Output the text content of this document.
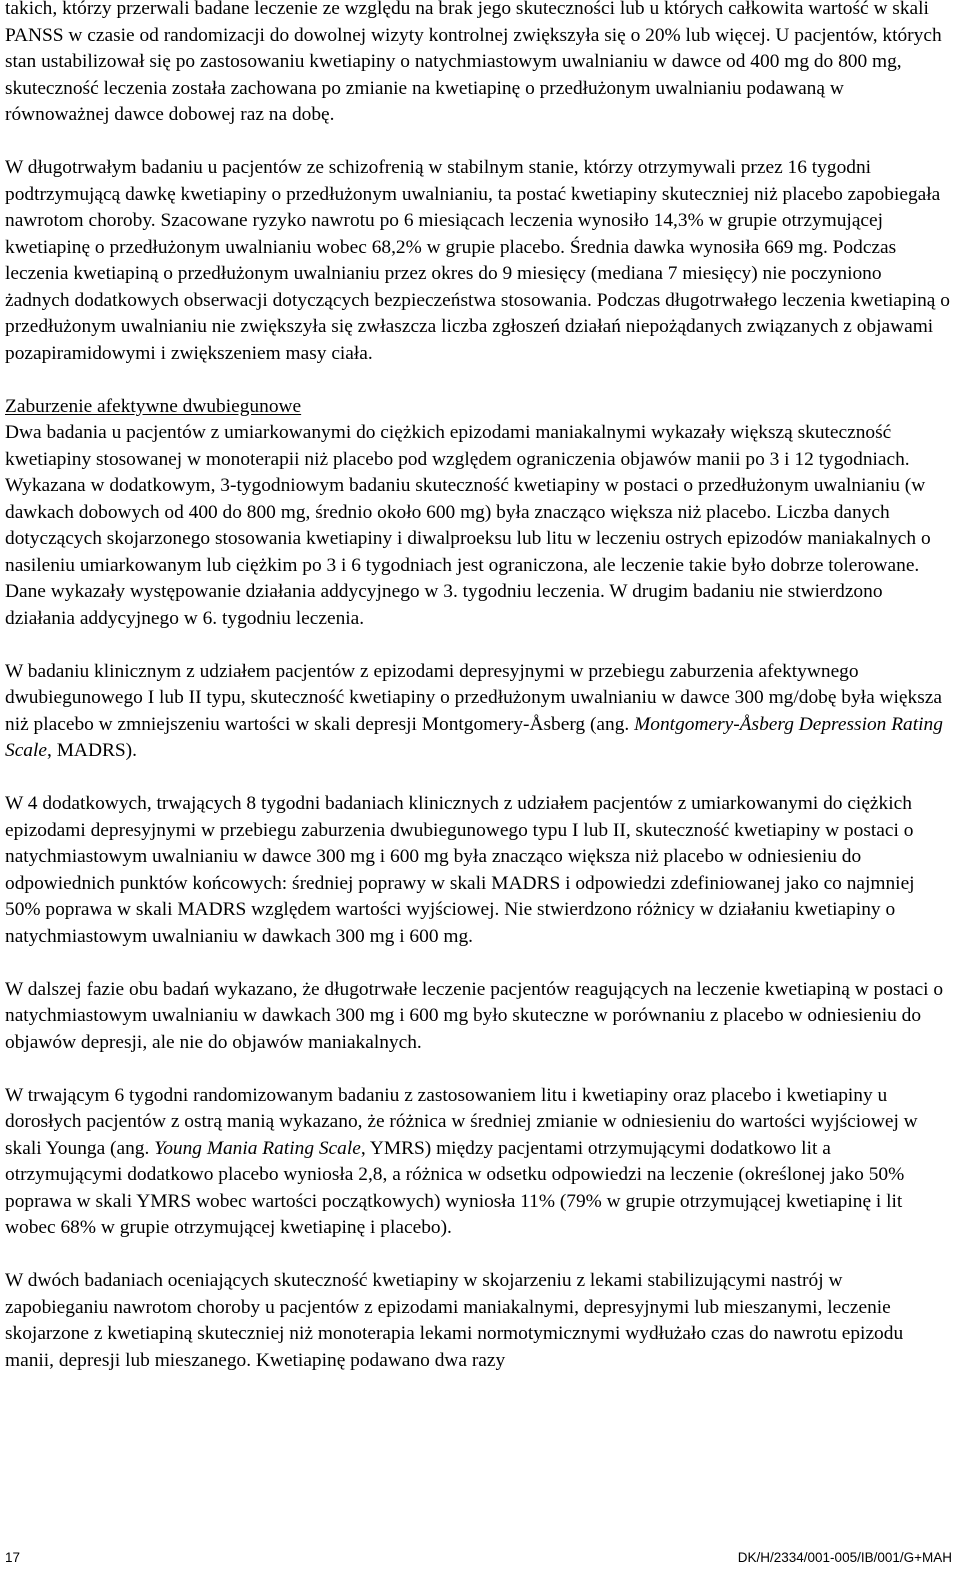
takich, którzy przerwali badane leczenie ze względu na brak jego skuteczności lub u których całkowita wartość w skali PANSS w czasie od randomizacji do dowolnej wizyty kontrolnej zwiększyła się o 20% lub więcej. U pacjentów, których stan ustabilizował się po zastosowaniu kwetiapiny o natychmiastowym uwalnianiu w dawce od 400 mg do 800 mg, skuteczność leczenia została zachowana po zmianie na kwetiapinę o przedłużonym uwalnianiu podawaną w równoważnej dawce dobowej raz na dobę.

W długotrwałym badaniu u pacjentów ze schizofrenią w stabilnym stanie, którzy otrzymywali przez 16 tygodni podtrzymującą dawkę kwetiapiny o przedłużonym uwalnianiu, ta postać kwetiapiny skuteczniej niż placebo zapobiegała nawrotom choroby. Szacowane ryzyko nawrotu po 6 miesiącach leczenia wynosiło 14,3% w grupie otrzymującej kwetiapinę o przedłużonym uwalnianiu wobec 68,2% w grupie placebo. Średnia dawka wynosiła 669 mg. Podczas leczenia kwetiapiną o przedłużonym uwalnianiu przez okres do 9 miesięcy (mediana 7 miesięcy) nie poczyniono żadnych dodatkowych obserwacji dotyczących bezpieczeństwa stosowania. Podczas długotrwałego leczenia kwetiapiną o przedłużonym uwalnianiu nie zwiększyła się zwłaszcza liczba zgłoszeń działań niepożądanych związanych z objawami pozapiramidowymi i zwiększeniem masy ciała.

Zaburzenie afektywne dwubiegunowe
Dwa badania u pacjentów z umiarkowanymi do ciężkich epizodami maniakalnymi wykazały większą skuteczność kwetiapiny stosowanej w monoterapii niż placebo pod względem ograniczenia objawów manii po 3 i 12 tygodniach. Wykazana w dodatkowym, 3-tygodniowym badaniu skuteczność kwetiapiny w postaci o przedłużonym uwalnianiu (w dawkach dobowych od 400 do 800 mg, średnio około 600 mg) była znacząco większa niż placebo. Liczba danych dotyczących skojarzonego stosowania kwetiapiny i diwalproeksu lub litu w leczeniu ostrych epizodów maniakalnych o nasileniu umiarkowanym lub ciężkim po 3 i 6 tygodniach jest ograniczona, ale leczenie takie było dobrze tolerowane. Dane wykazały występowanie działania addycyjnego w 3. tygodniu leczenia. W drugim badaniu nie stwierdzono działania addycyjnego w 6. tygodniu leczenia.

W badaniu klinicznym z udziałem pacjentów z epizodami depresyjnymi w przebiegu zaburzenia afektywnego dwubiegunowego I lub II typu, skuteczność kwetiapiny o przedłużonym uwalnianiu w dawce 300 mg/dobę była większa niż placebo w zmniejszeniu wartości w skali depresji Montgomery-Åsberg (ang. Montgomery-Åsberg Depression Rating Scale, MADRS).

W 4 dodatkowych, trwających 8 tygodni badaniach klinicznych z udziałem pacjentów z umiarkowanymi do ciężkich epizodami depresyjnymi w przebiegu zaburzenia dwubiegunowego typu I lub II, skuteczność kwetiapiny w postaci o natychmiastowym uwalnianiu w dawce 300 mg i 600 mg była znacząco większa niż placebo w odniesieniu do odpowiednich punktów końcowych: średniej poprawy w skali MADRS i odpowiedzi zdefiniowanej jako co najmniej 50% poprawa w skali MADRS względem wartości wyjściowej. Nie stwierdzono różnicy w działaniu kwetiapiny o natychmiastowym uwalnianiu w dawkach 300 mg i 600 mg.

W dalszej fazie obu badań wykazano, że długotrwałe leczenie pacjentów reagujących na leczenie kwetiapiną w postaci o natychmiastowym uwalnianiu w dawkach 300 mg i 600 mg było skuteczne w porównaniu z placebo w odniesieniu do objawów depresji, ale nie do objawów maniakalnych.

W trwającym 6 tygodni randomizowanym badaniu z zastosowaniem litu i kwetiapiny oraz placebo i kwetiapiny u dorosłych pacjentów z ostrą manią wykazano, że różnica w średniej zmianie w odniesieniu do wartości wyjściowej w skali Younga (ang. Young Mania Rating Scale, YMRS) między pacjentami otrzymującymi dodatkowo lit a otrzymującymi dodatkowo placebo wyniosła 2,8, a różnica w odsetku odpowiedzi na leczenie (określonej jako 50% poprawa w skali YMRS wobec wartości początkowych) wyniosła 11% (79% w grupie otrzymującej kwetiapinę i lit wobec 68% w grupie otrzymującej kwetiapinę i placebo).

W dwóch badaniach oceniających skuteczność kwetiapiny w skojarzeniu z lekami stabilizującymi nastrój w zapobieganiu nawrotom choroby u pacjentów z epizodami maniakalnymi, depresyjnymi lub mieszanymi, leczenie skojarzone z kwetiapiną skuteczniej niż monoterapia lekami normotymicznymi wydłużało czas do nawrotu epizodu manii, depresji lub mieszanego. Kwetiapinę podawano dwa razy

17	DK/H/2334/001-005/IB/001/G+MAH
